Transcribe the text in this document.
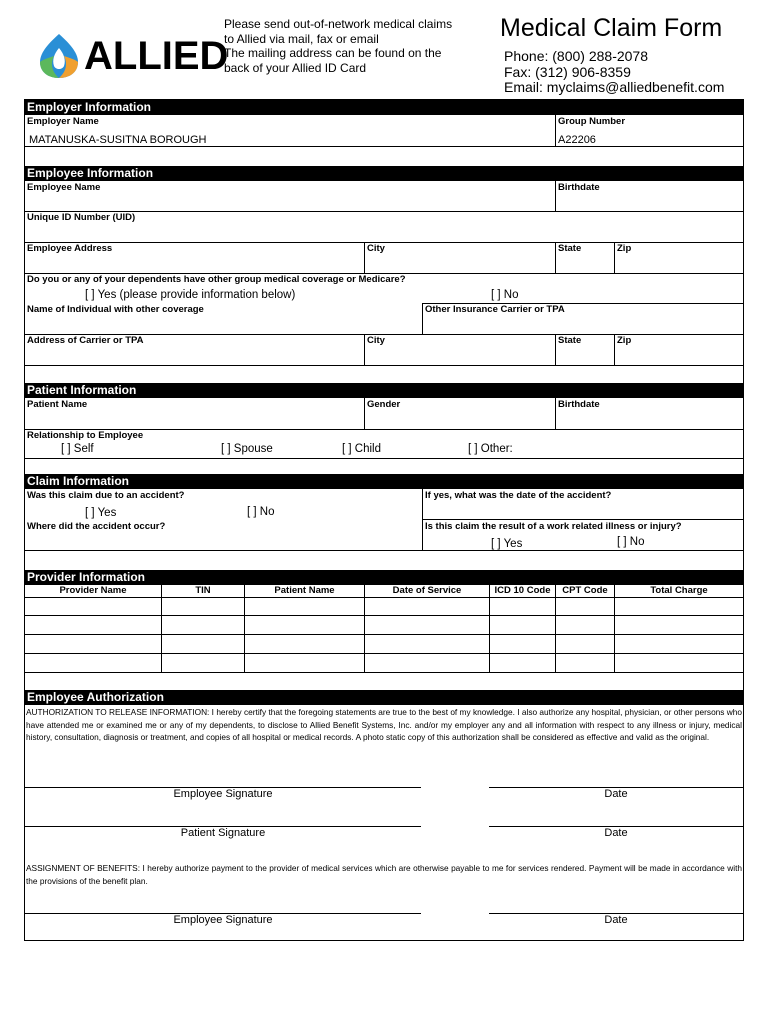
ALLIED
Please send out-of-network medical claims
to Allied via mail, fax or email
The mailing address can be found on the
back of your Allied ID Card
Medical Claim Form
Phone: (800) 288-2078
Fax: (312) 906-8359
Email: myclaims@alliedbenefit.com
Employer Information
Employer Name
MATANUSKA-SUSITNA BOROUGH
Group Number
A22206
Employee Information
Employee Name	Birthdate
Unique ID Number (UID)
Employee Address	City	State	Zip
Do you or any of your dependents have other group medical coverage or Medicare?
[ ] Yes (please provide information below)	[ ] No
Name of Individual with other coverage	Other Insurance Carrier or TPA
Address of Carrier or TPA	City	State	Zip
Patient Information
Patient Name	Gender	Birthdate
Relationship to Employee
[ ] Self	[ ] Spouse	[ ] Child	[ ] Other:
Claim Information
Was this claim due to an accident?
[ ] Yes	[ ] No
If yes, what was the date of the accident?
Where did the accident occur?	Is this claim the result of a work related illness or injury?
[ ] Yes	[ ] No
Provider Information
Provider Name	TIN	Patient Name	Date of Service	ICD 10 Code	CPT Code	Total Charge
Employee Authorization
AUTHORIZATION TO RELEASE INFORMATION: I hereby certify that the foregoing statements are true to the best of my knowledge. I also authorize any hospital, physician, or other persons who have attended me or examined me or any of my dependents, to disclose to Allied Benefit Systems, Inc. and/or my employer any and all information with respect to any illness or injury, medical history, consultation, diagnosis or treatment, and copies of all hospital or medical records. A photo static copy of this authorization shall be considered as effective and valid as the original.
Employee Signature	Date
Patient Signature	Date
ASSIGNMENT OF BENEFITS: I hereby authorize payment to the provider of medical services which are otherwise payable to me for services rendered. Payment will be made in accordance with the provisions of the benefit plan.
Employee Signature	Date
